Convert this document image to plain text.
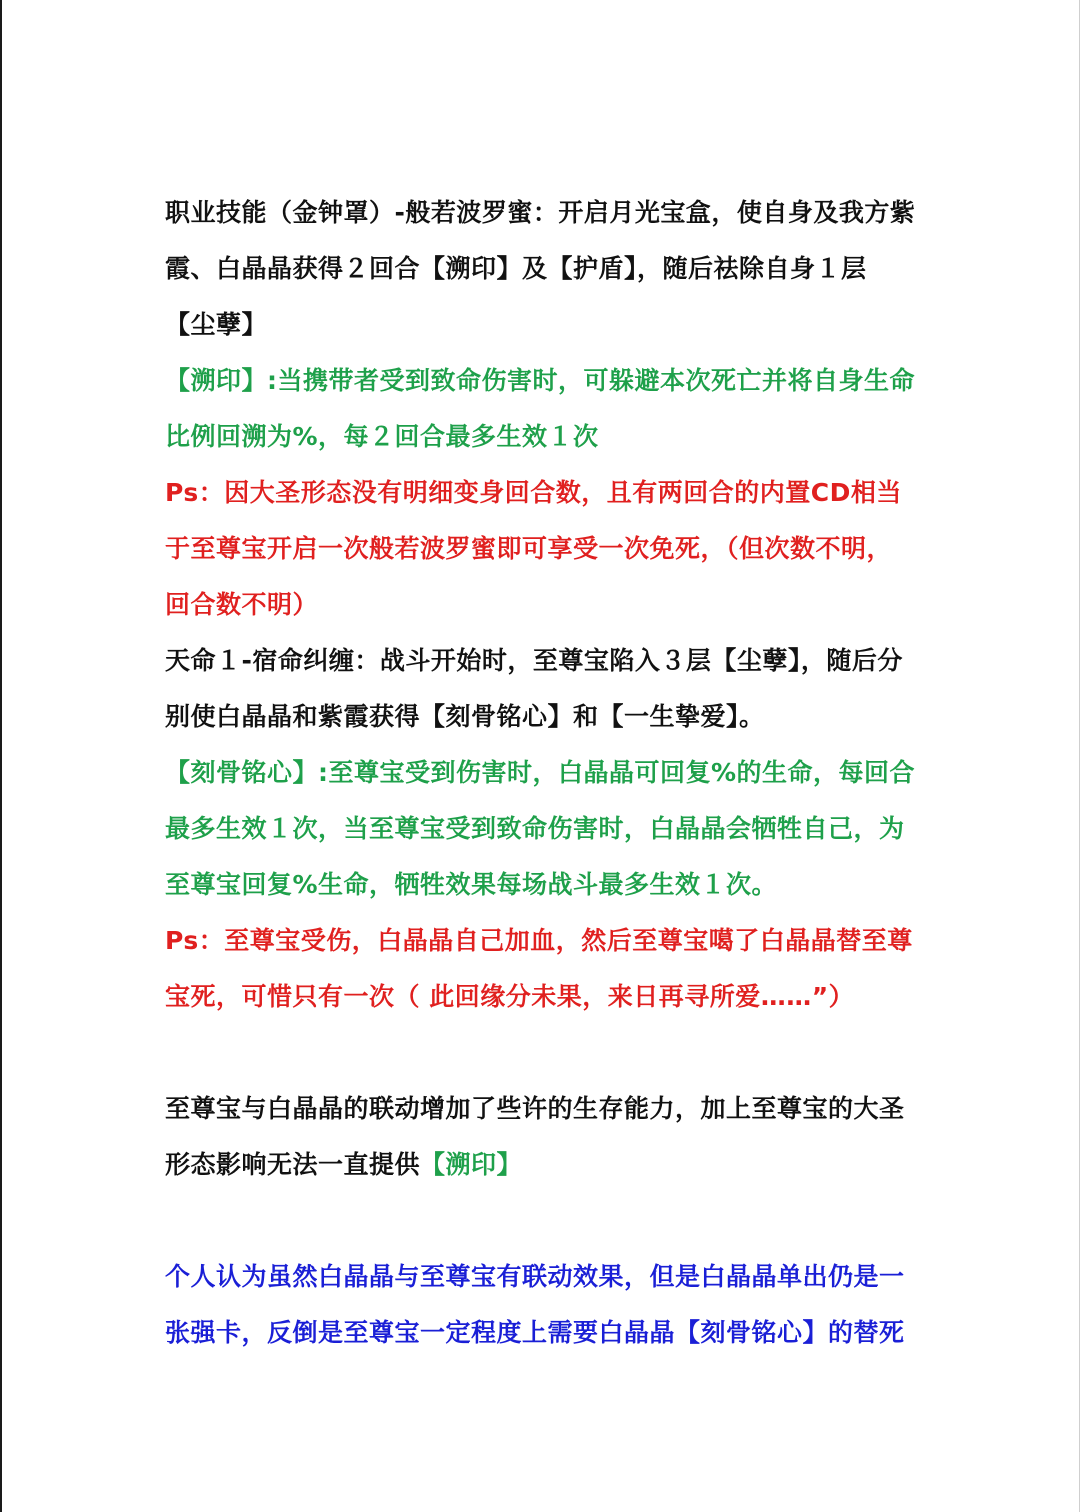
职业技能（金钟罩）-般若波罗蜜：开启月光宝盒，使自身及我方紫霞、白晶晶获得２回合【溯印】及【护盾】，随后祛除自身１层【尘孽】

【溯印】:当携带者受到致命伤害时，可躲避本次死亡并将自身生命比例回溯为%，每２回合最多生效１次

Ps：因大圣形态没有明细变身回合数，且有两回合的内置CD相当于至尊宝开启一次般若波罗蜜即可享受一次免死，（但次数不明，回合数不明）

天命１-宿命纠缠：战斗开始时，至尊宝陷入３层【尘孽】，随后分别使白晶晶和紫霞获得【刻骨铭心】和【一生挚爱】。

【刻骨铭心】:至尊宝受到伤害时，白晶晶可回复%的生命，每回合最多生效１次，当至尊宝受到致命伤害时，白晶晶会牺牲自己，为至尊宝回复%生命，牺牲效果每场战斗最多生效１次。

Ps：至尊宝受伤，白晶晶自己加血，然后至尊宝噶了白晶晶替至尊宝死，可惜只有一次（ 此回缘分未果，来日再寻所爱……”）

至尊宝与白晶晶的联动增加了些许的生存能力，加上至尊宝的大圣形态影响无法一直提供【溯印】

个人认为虽然白晶晶与至尊宝有联动效果，但是白晶晶单出仍是一张强卡，反倒是至尊宝一定程度上需要白晶晶【刻骨铭心】的替死
